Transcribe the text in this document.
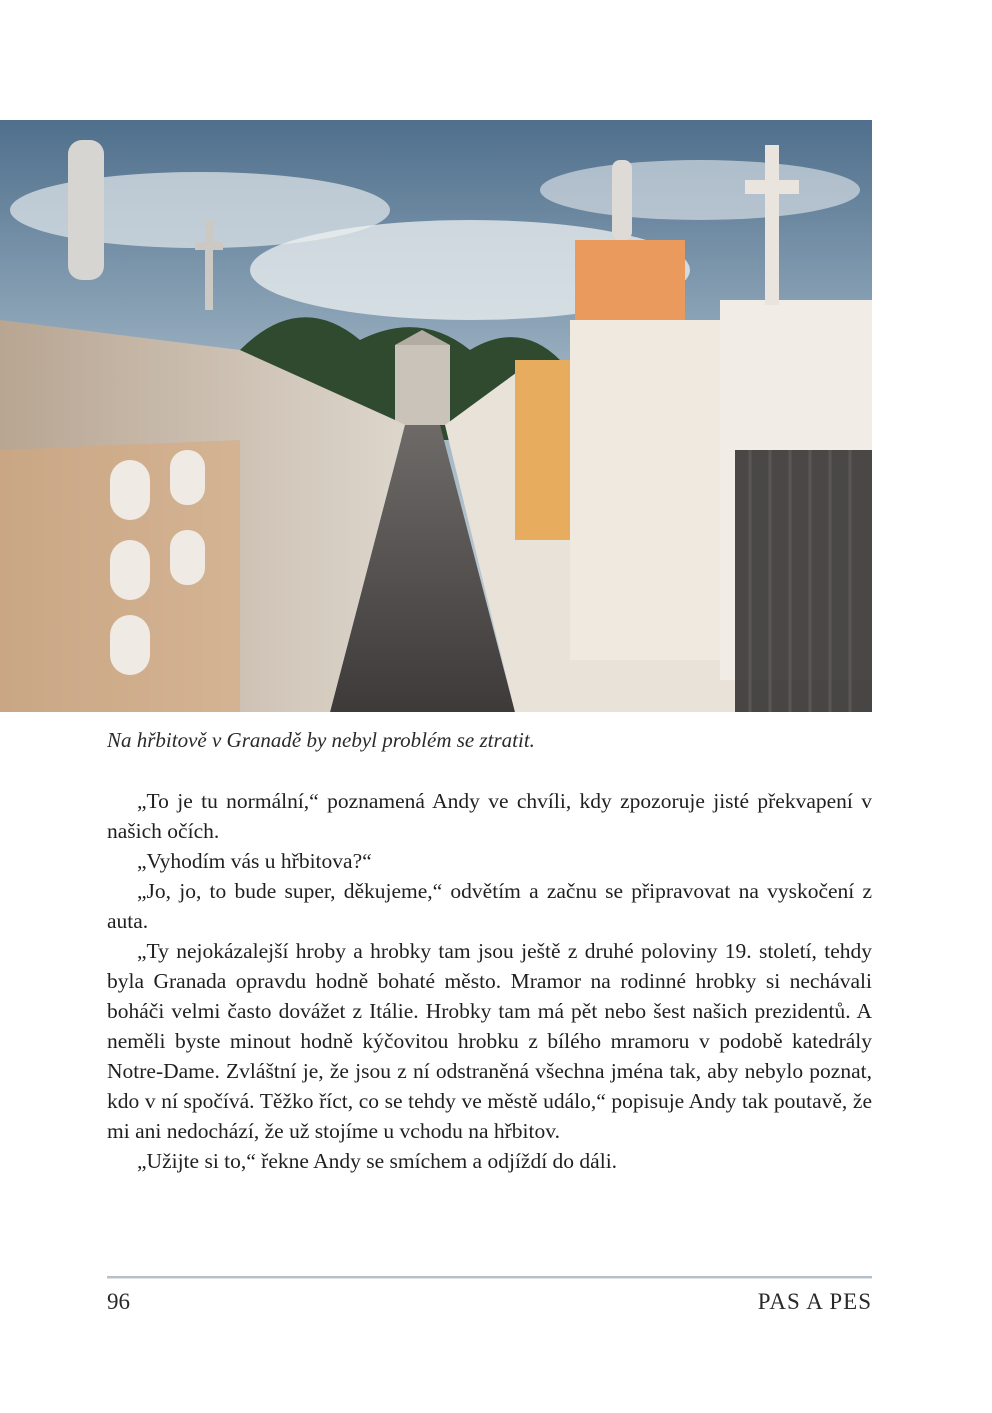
Na hřbitově v Granadě by nebyl problém se ztratit.

„To je tu normální,“ poznamená Andy ve chvíli, kdy zpozoruje jisté překvapení v našich očích.

„Vyhodím vás u hřbitova?“

„Jo, jo, to bude super, děkujeme,“ odvětím a začnu se připravovat na vyskočení z auta.

„Ty nejokázalejší hroby a hrobky tam jsou ještě z druhé poloviny 19. století, tehdy byla Granada opravdu hodně bohaté město. Mramor na rodinné hrobky si nechávali boháči velmi často dovážet z Itálie. Hrobky tam má pět nebo šest našich prezidentů. A neměli byste minout hodně kýčovitou hrobku z bílého mramoru v podobě katedrály Notre-Dame. Zvláštní je, že jsou z ní odstraněná všechna jména tak, aby nebylo poznat, kdo v ní spočívá. Těžko říct, co se tehdy ve městě událo,“ popisuje Andy tak poutavě, že mi ani nedochází, že už stojíme u vchodu na hřbitov.

„Užijte si to,“ řekne Andy se smíchem a odjíždí do dáli.

96	PAS A PES
